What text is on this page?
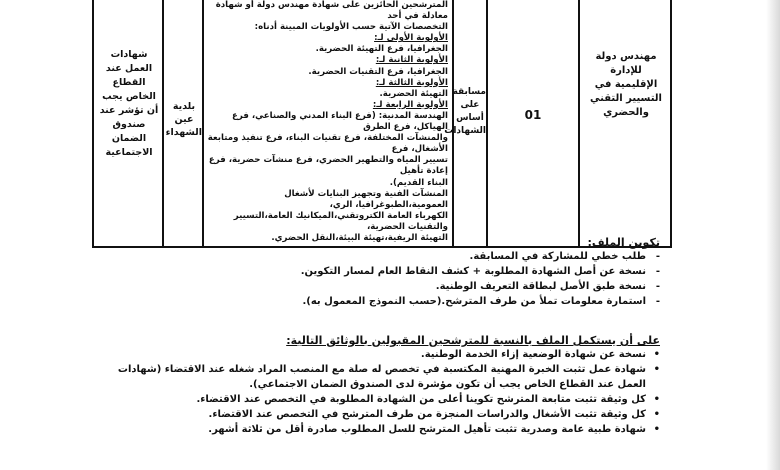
مهندس دولة للإدارة الإقليمية في التسيير التقني والحضري
01
مسابقة على أساس الشهادات
بلدية عين الشهداء
شهادات العمل عند القطاع الخاص يجب أن تؤشر عند صندوق الضمان الاجتماعية
المترشحين الحائزين على شهادة مهندس دولة أو شهادة معادلة في أحد
التخصصات الآتية حسب الأولويات المبينة أدناه:
الأولوية الأولى لـ:
الجغرافيا، فرع التهيئة الحضرية.
الأولوية الثانية لـ:
الجغرافيا، فرع التقنيات الحضرية.
الأولوية الثالثة لـ:
التهيئة الحضرية.
الأولوية الرابعة لـ:
الهندسة المدنية: (فرع البناء المدني والصناعي، فرع الهياكل، فرع الطرق
والمنشآت المختلفة، فرع تقنيات البناء، فرع تنفيذ ومتابعة الأشغال، فرع
تسيير المياه والتطهير الحضري، فرع منشآت حضرية، فرع إعادة تأهيل
البناء القديم).
المنشآت الفنية وتجهيز البنايات لأشغال العمومية،الطبوغرافيا، الري،
الكهرباء العامة الكتروتقني،الميكانيك العامة،التسيير والتقنيات الحضرية،
التهيئة الريفية،تهيئة البيئة،النقل الحضري.	تكوين الملف:
-
طلب خطي للمشاركة في المسابقة.
-
نسخة عن أصل الشهادة المطلوبة + كشف النقاط العام لمسار التكوين.
-
نسخة طبق الأصل لبطاقة التعريف الوطنية.
-
استمارة معلومات تملأ من طرف المترشح.(حسب النموذج المعمول به).
على أن يستكمل الملف بالنسبة للمترشحين المقبولين بالوثائق التالية:
•
نسخة عن شهادة الوضعية إزاء الخدمة الوطنية.
•
شهادة عمل تثبت الخبرة المهنية المكتسبة في تخصص له صلة مع المنصب المراد شغله عند الاقتضاء (شهادات العمل عند القطاع الخاص يجب أن تكون مؤشرة لدى الصندوق الضمان الاجتماعي).
•
كل وثيقة تثبت متابعة المترشح تكوينا أعلى من الشهادة المطلوبة في التخصص عند الاقتضاء.
•
كل وثيقة تثبت الأشغال والدراسات المنجزة من طرف المترشح في التخصص عند الاقتضاء.
•
شهادة طبية عامة وصدرية تثبت تأهيل المترشح للسل المطلوب صادرة أقل من ثلاثة أشهر.
